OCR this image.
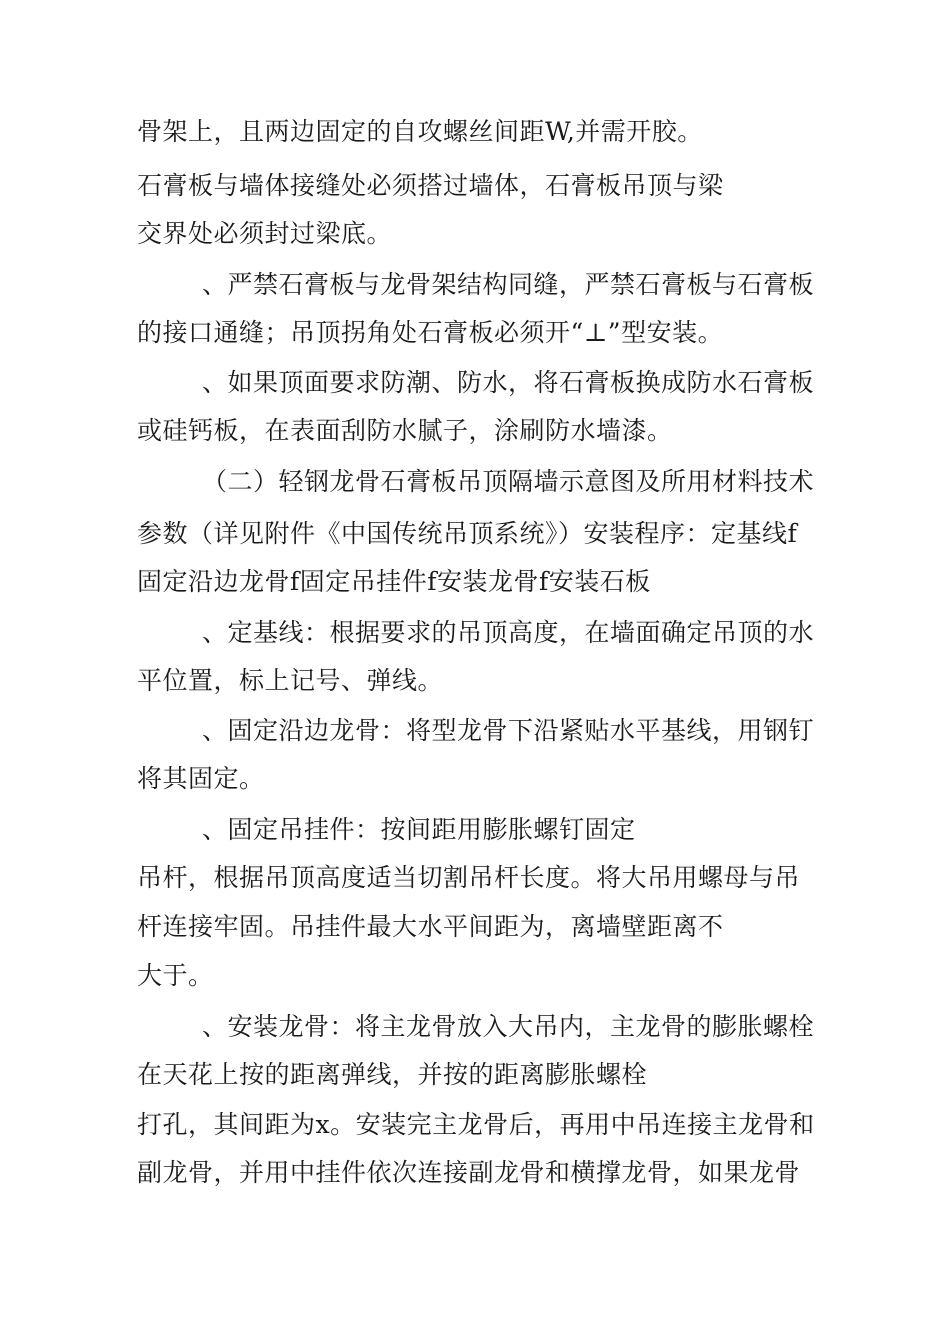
骨架上，且两边固定的自攻螺丝间距W,并需开胶。
石膏板与墙体接缝处必须搭过墙体，石膏板吊顶与梁
交界处必须封过梁底。
、严禁石膏板与龙骨架结构同缝，严禁石膏板与石膏板
的接口通缝；吊顶拐角处石膏板必须开“⊥”型安装。
、如果顶面要求防潮、防水，将石膏板换成防水石膏板
或硅钙板，在表面刮防水腻子，涂刷防水墙漆。
（二）轻钢龙骨石膏板吊顶隔墙示意图及所用材料技术
参数（详见附件《中国传统吊顶系统》）安装程序：定基线f
固定沿边龙骨f固定吊挂件f安装龙骨f安装石板
、定基线：根据要求的吊顶高度，在墙面确定吊顶的水
平位置，标上记号、弹线。
、固定沿边龙骨：将型龙骨下沿紧贴水平基线，用钢钉
将其固定。
、固定吊挂件：按间距用膨胀螺钉固定
吊杆，根据吊顶高度适当切割吊杆长度。将大吊用螺母与吊
杆连接牢固。吊挂件最大水平间距为，离墙壁距离不
大于。
、安装龙骨：将主龙骨放入大吊内，主龙骨的膨胀螺栓
在天花上按的距离弹线，并按的距离膨胀螺栓
打孔，其间距为x。安装完主龙骨后，再用中吊连接主龙骨和
副龙骨，并用中挂件依次连接副龙骨和横撑龙骨，如果龙骨
